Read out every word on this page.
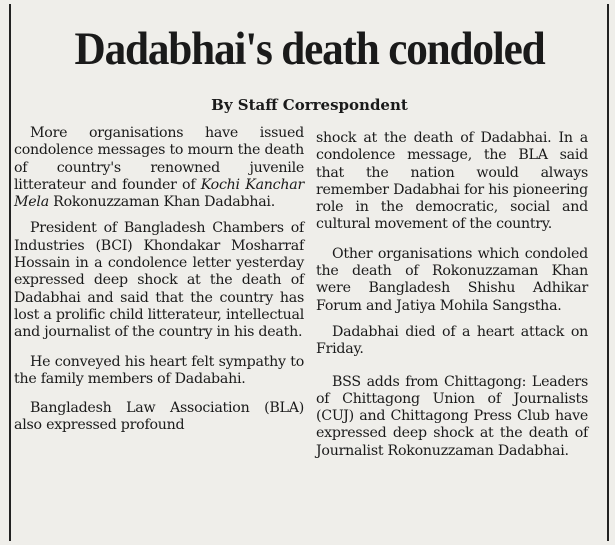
Dadabhai's death condoled
By Staff Correspondent

More organisations have issued condolence messages to mourn the death of country's renowned juvenile litterateur and founder of Kochi Kanchar Mela Rokonuzzaman Khan Dadabhai.

President of Bangladesh Chambers of Industries (BCI) Khondakar Mosharraf Hossain in a condolence letter yesterday expressed deep shock at the death of Dadabhai and said that the country has lost a prolific child litterateur, intellectual and journalist of the country in his death.

He conveyed his heart felt sympathy to the family members of Dadabahi.

Bangladesh Law Association (BLA) also expressed profound

shock at the death of Dadabhai. In a condolence message, the BLA said that the nation would always remember Dadabhai for his pioneering role in the democratic, social and cultural movement of the country.

Other organisations which condoled the death of Rokonuzzaman Khan were Bangladesh Shishu Adhikar Forum and Jatiya Mohila Sangstha.

Dadabhai died of a heart attack on Friday.

BSS adds from Chittagong: Leaders of Chittagong Union of Journalists (CUJ) and Chittagong Press Club have expressed deep shock at the death of Journalist Rokonuzzaman Dadabhai.
